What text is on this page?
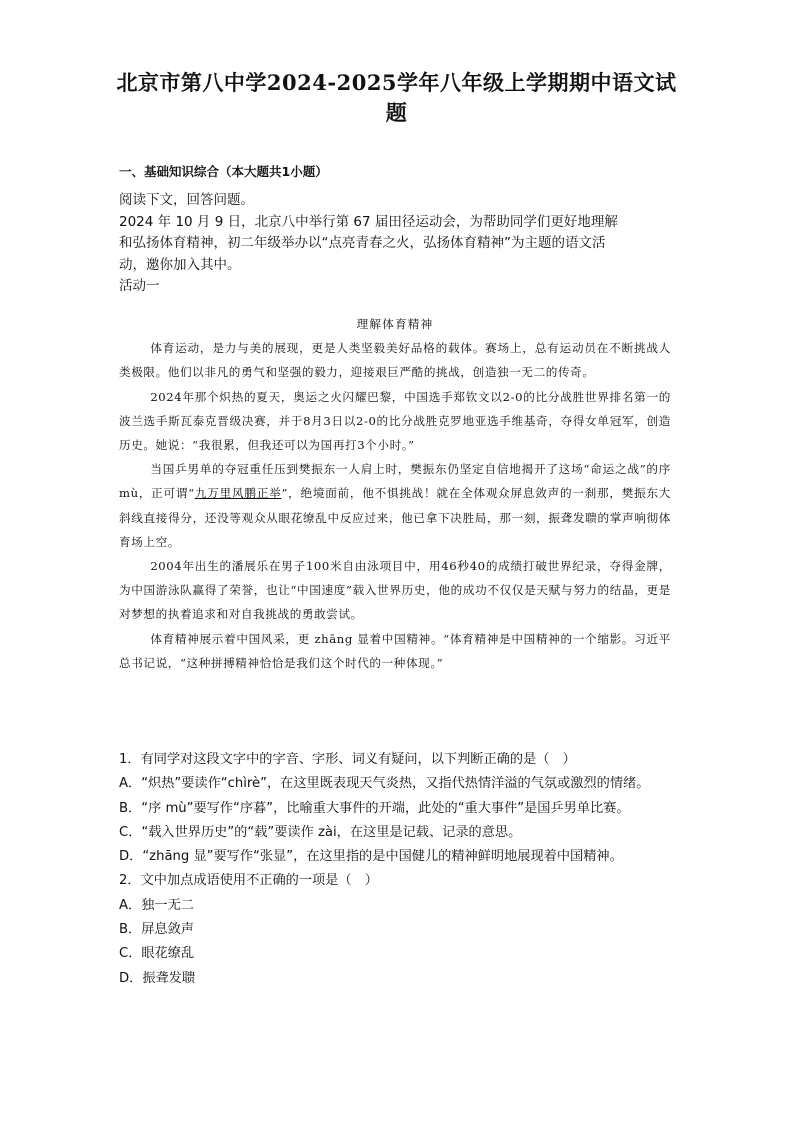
北京市第八中学2024-2025学年八年级上学期期中语文试
题
一、基础知识综合（本大题共1小题）

阅读下文，回答问题。

2024 年 10 月 9 日，北京八中举行第 67 届田径运动会，为帮助同学们更好地理解

和弘扬体育精神，初二年级举办以“点亮青春之火，弘扬体育精神”为主题的语文活

动，邀你加入其中。

活动一

理解体育精神

体育运动，是力与美的展现，更是人类坚毅美好品格的载体。赛场上，总有运动员在不断挑战人类极限。他们以非凡的勇气和坚强的毅力，迎接艰巨严酷的挑战，创造独一无二的传奇。

2024年那个炽热的夏天，奥运之火闪耀巴黎，中国选手郑钦文以2-0的比分战胜世界排名第一的波兰选手斯瓦泰克晋级决赛，并于8月3日以2-0的比分战胜克罗地亚选手维基奇，夺得女单冠军，创造历史。她说：“我很累，但我还可以为国再打3个小时。”

当国乒男单的夺冠重任压到樊振东一人肩上时，樊振东仍坚定自信地揭开了这场“命运之战”的序 mù，正可谓“九万里风鹏正举”，绝境面前，他不惧挑战！就在全体观众屏息敛声的一刹那，樊振东大斜线直接得分，还没等观众从眼花缭乱中反应过来，他已拿下决胜局，那一刻，振聋发聩的掌声响彻体育场上空。

2004年出生的潘展乐在男子100米自由泳项目中，用46秒40的成绩打破世界纪录，夺得金牌，为中国游泳队赢得了荣誉，也让“中国速度”载入世界历史，他的成功不仅仅是天赋与努力的结晶，更是对梦想的执着追求和对自我挑战的勇敢尝试。

体育精神展示着中国风采，更 zhāng 显着中国精神。“体育精神是中国精神的一个缩影。习近平总书记说，“这种拼搏精神恰恰是我们这个时代的一种体现。”

1．有同学对这段文字中的字音、字形、词义有疑问，以下判断正确的是（　）

A．“炽热”要读作“chìrè”，在这里既表现天气炎热，又指代热情洋溢的气氛或激烈的情绪。

B．“序 mù”要写作“序暮”，比喻重大事件的开端，此处的“重大事件”是国乒男单比赛。

C．“载入世界历史”的“载”要读作 zài，在这里是记载、记录的意思。

D．“zhāng 显”要写作“张显”，在这里指的是中国健儿的精神鲜明地展现着中国精神。

2．文中加点成语使用不正确的一项是（　）

A．独一无二

B．屏息敛声

C．眼花缭乱

D．振聋发聩
